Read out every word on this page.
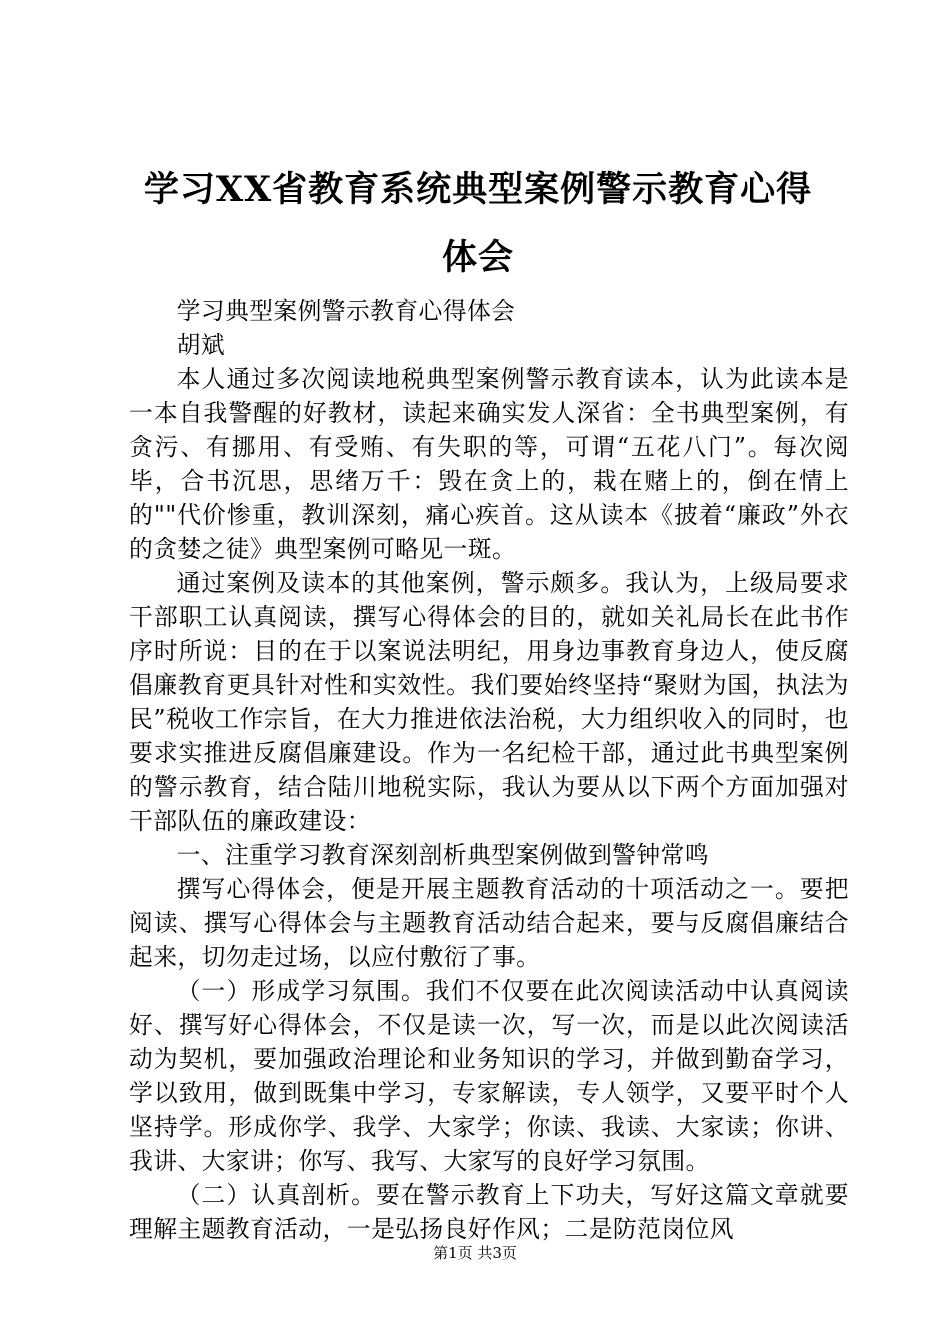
学习XX省教育系统典型案例警示教育心得体会

学习典型案例警示教育心得体会

胡斌

本人通过多次阅读地税典型案例警示教育读本，认为此读本是一本自我警醒的好教材，读起来确实发人深省：全书典型案例，有贪污、有挪用、有受贿、有失职的等，可谓“五花八门”。每次阅毕，合书沉思，思绪万千：毁在贪上的，栽在赌上的，倒在情上的""代价惨重，教训深刻，痛心疾首。这从读本《披着“廉政”外衣的贪婪之徒》典型案例可略见一斑。

通过案例及读本的其他案例，警示颇多。我认为，上级局要求干部职工认真阅读，撰写心得体会的目的，就如关礼局长在此书作序时所说：目的在于以案说法明纪，用身边事教育身边人，使反腐倡廉教育更具针对性和实效性。我们要始终坚持“聚财为国，执法为民”税收工作宗旨，在大力推进依法治税，大力组织收入的同时，也要求实推进反腐倡廉建设。作为一名纪检干部，通过此书典型案例的警示教育，结合陆川地税实际，我认为要从以下两个方面加强对干部队伍的廉政建设：

一、注重学习教育深刻剖析典型案例做到警钟常鸣

撰写心得体会，便是开展主题教育活动的十项活动之一。要把阅读、撰写心得体会与主题教育活动结合起来，要与反腐倡廉结合起来，切勿走过场，以应付敷衍了事。

（一）形成学习氛围。我们不仅要在此次阅读活动中认真阅读好、撰写好心得体会，不仅是读一次，写一次，而是以此次阅读活动为契机，要加强政治理论和业务知识的学习，并做到勤奋学习，学以致用，做到既集中学习，专家解读，专人领学，又要平时个人坚持学。形成你学、我学、大家学；你读、我读、大家读；你讲、我讲、大家讲；你写、我写、大家写的良好学习氛围。

（二）认真剖析。要在警示教育上下功夫，写好这篇文章就要理解主题教育活动，一是弘扬良好作风；二是防范岗位风

第1页 共3页
